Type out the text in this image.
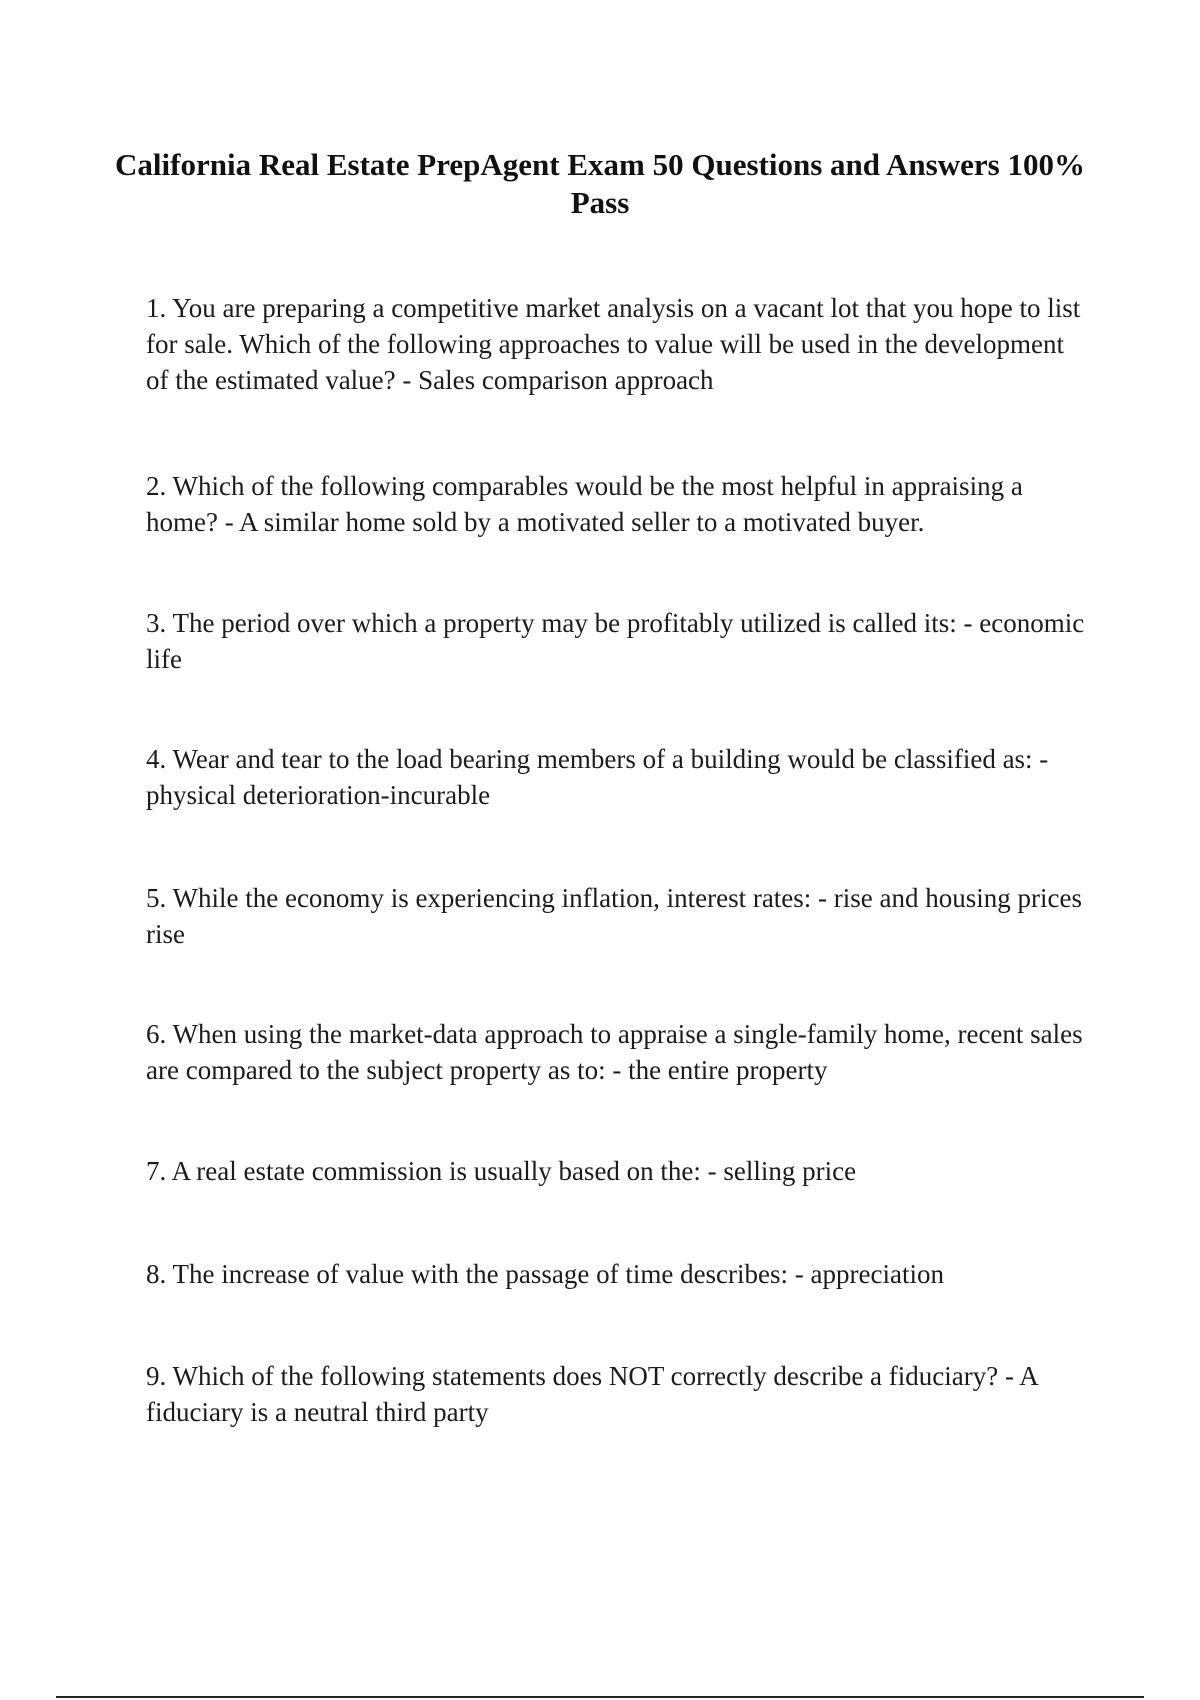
California Real Estate PrepAgent Exam 50 Questions and Answers 100% Pass
1. You are preparing a competitive market analysis on a vacant lot that you hope to list for sale. Which of the following approaches to value will be used in the development of the estimated value? - Sales comparison approach
2. Which of the following comparables would be the most helpful in appraising a home? - A similar home sold by a motivated seller to a motivated buyer.
3. The period over which a property may be profitably utilized is called its: - economic life
4. Wear and tear to the load bearing members of a building would be classified as: - physical deterioration-incurable
5. While the economy is experiencing inflation, interest rates: - rise and housing prices rise
6. When using the market-data approach to appraise a single-family home, recent sales are compared to the subject property as to: - the entire property
7. A real estate commission is usually based on the: - selling price
8. The increase of value with the passage of time describes: - appreciation
9. Which of the following statements does NOT correctly describe a fiduciary? - A fiduciary is a neutral third party
